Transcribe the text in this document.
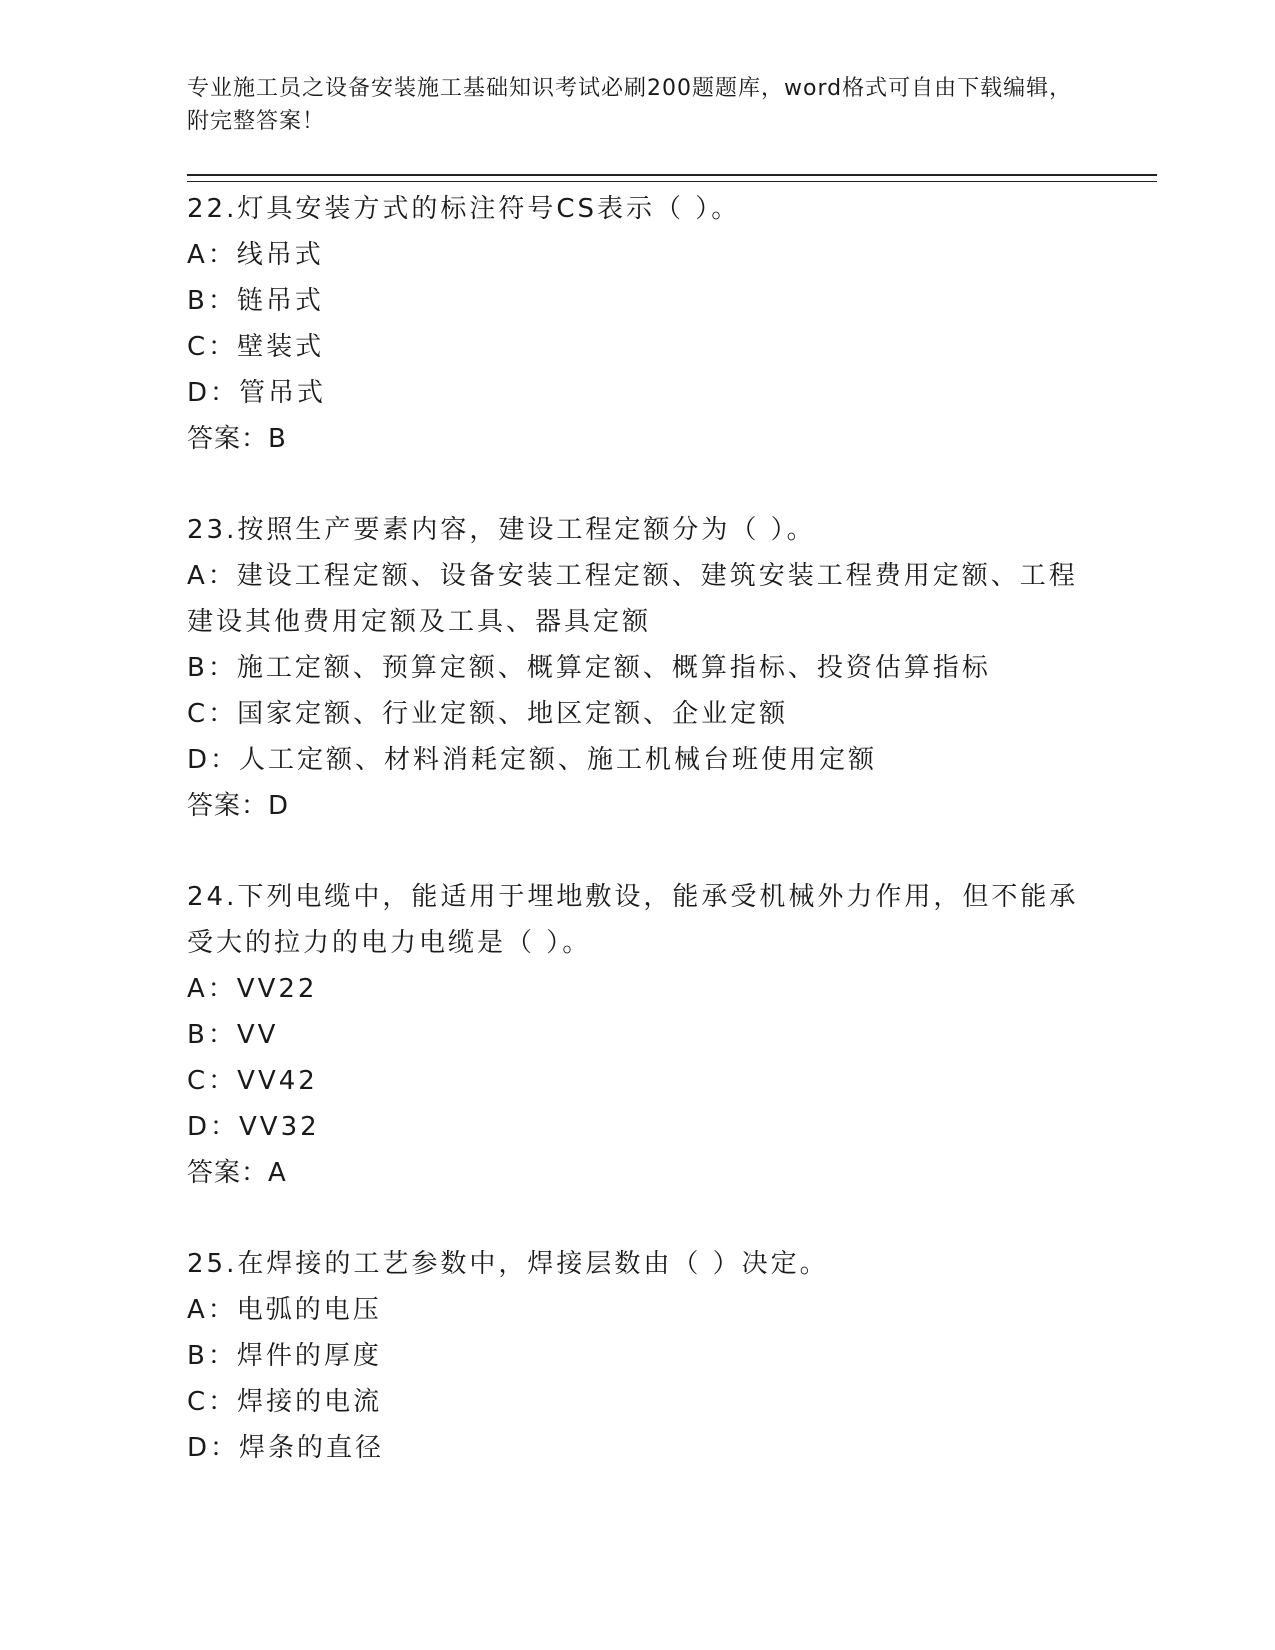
专业施工员之设备安装施工基础知识考试必刷200题题库，word格式可自由下载编辑，附完整答案！

22.灯具安装方式的标注符号CS表示（ ）。

A：线吊式

B：链吊式

C：壁装式

D：管吊式

答案：B

23.按照生产要素内容，建设工程定额分为（ ）。

A：建设工程定额、设备安装工程定额、建筑安装工程费用定额、工程建设其他费用定额及工具、器具定额

B：施工定额、预算定额、概算定额、概算指标、投资估算指标

C：国家定额、行业定额、地区定额、企业定额

D：人工定额、材料消耗定额、施工机械台班使用定额

答案：D

24.下列电缆中，能适用于埋地敷设，能承受机械外力作用，但不能承受大的拉力的电力电缆是（ ）。

A：VV22

B：VV

C：VV42

D：VV32

答案：A

25.在焊接的工艺参数中，焊接层数由（ ）决定。

A：电弧的电压

B：焊件的厚度

C：焊接的电流

D：焊条的直径
